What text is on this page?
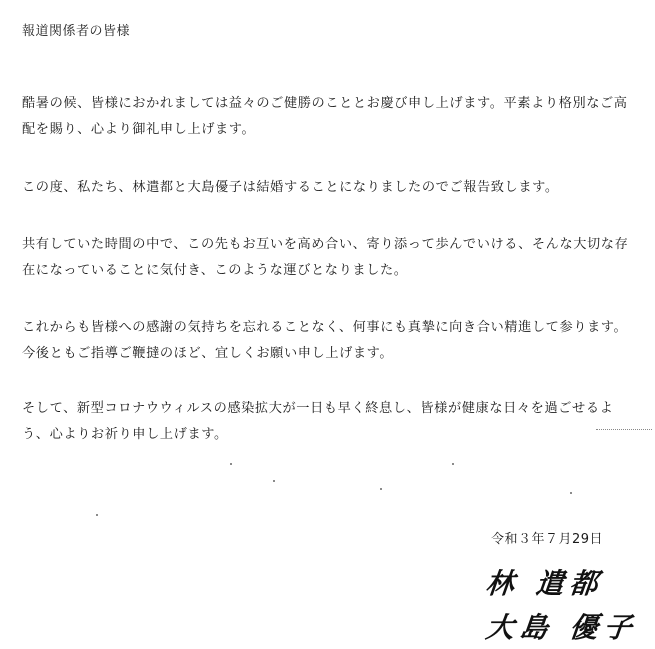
報道関係者の皆様
酷暑の候、皆様におかれましては益々のご健勝のこととお慶び申し上げます。平素より格別なご高配を賜り、心より御礼申し上げます。
この度、私たち、林遣都と大島優子は結婚することになりましたのでご報告致します。
共有していた時間の中で、この先もお互いを高め合い、寄り添って歩んでいける、そんな大切な存在になっていることに気付き、このような運びとなりました。
これからも皆様への感謝の気持ちを忘れることなく、何事にも真摯に向き合い精進して参ります。今後ともご指導ご鞭撻のほど、宜しくお願い申し上げます。
そして、新型コロナウウィルスの感染拡大が一日も早く終息し、皆様が健康な日々を過ごせるよう、心よりお祈り申し上げます。
令和３年７月29日
林 遣都
大島 優子
